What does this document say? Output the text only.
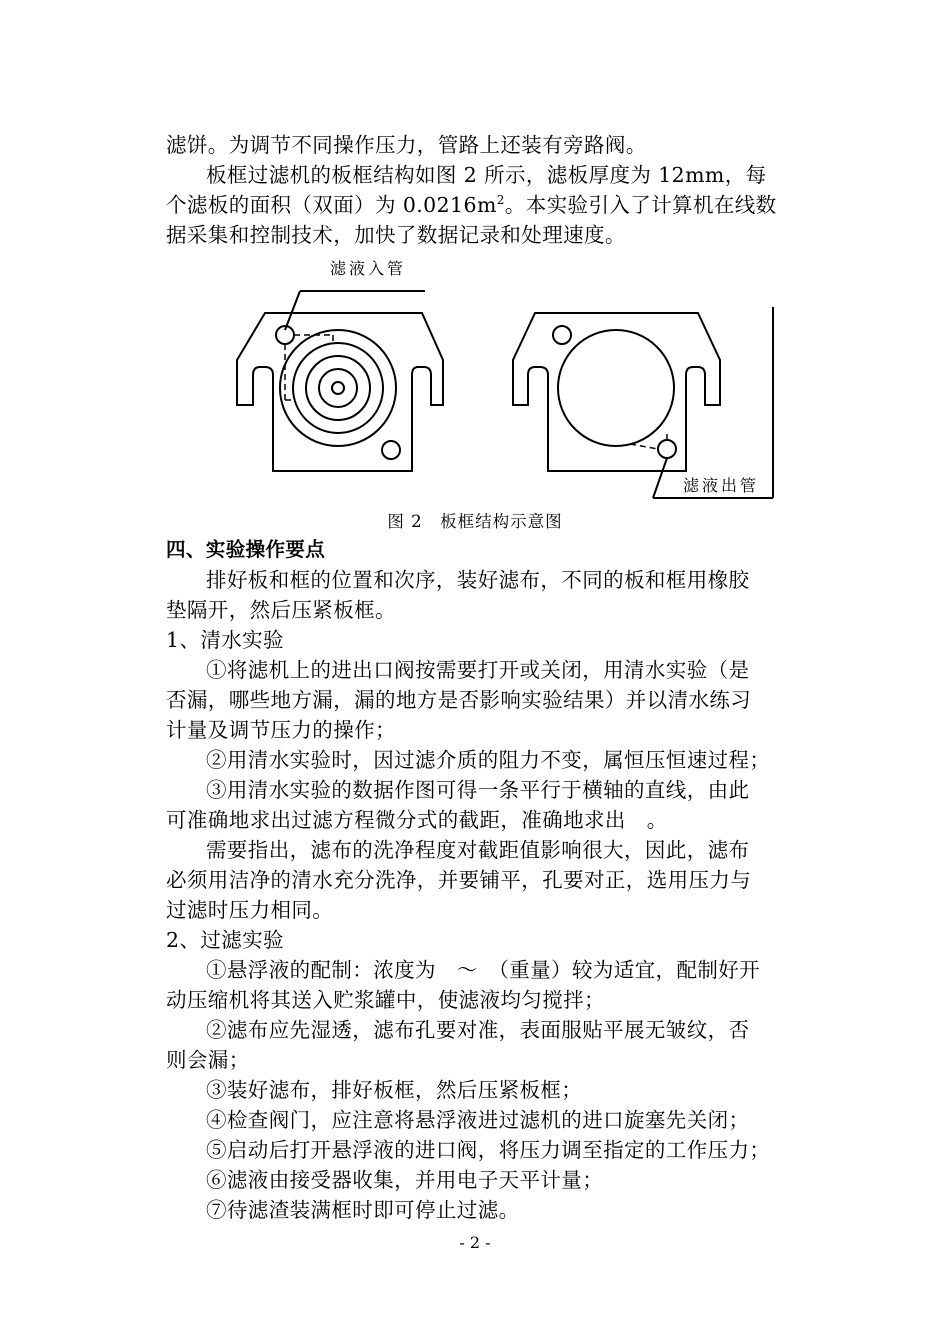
滤饼。为调节不同操作压力，管路上还装有旁路阀。
板框过滤机的板框结构如图 2 所示，滤板厚度为 12mm，每
个滤板的面积（双面）为 $0.0216m^2$。本实验引入了计算机在线数
据采集和控制技术，加快了数据记录和处理速度。
滤液入管
滤液出管
图 2　板框结构示意图
四、实验操作要点
排好板和框的位置和次序，装好滤布，不同的板和框用橡胶
垫隔开，然后压紧板框。
1、清水实验
①将滤机上的进出口阀按需要打开或关闭，用清水实验（是
否漏，哪些地方漏，漏的地方是否影响实验结果）并以清水练习
计量及调节压力的操作；
②用清水实验时，因过滤介质的阻力不变，属恒压恒速过程；
③用清水实验的数据作图可得一条平行于横轴的直线，由此
可准确地求出过滤方程微分式的截距，准确地求出　。
需要指出，滤布的洗净程度对截距值影响很大，因此，滤布
必须用洁净的清水充分洗净，并要铺平，孔要对正，选用压力与
过滤时压力相同。
2、过滤实验
①悬浮液的配制：浓度为　～　（重量）较为适宜，配制好开
动压缩机将其送入贮浆罐中，使滤液均匀搅拌；
②滤布应先湿透，滤布孔要对准，表面服贴平展无皱纹，否
则会漏；
③装好滤布，排好板框，然后压紧板框；
④检查阀门，应注意将悬浮液进过滤机的进口旋塞先关闭；
⑤启动后打开悬浮液的进口阀，将压力调至指定的工作压力；
⑥滤液由接受器收集，并用电子天平计量；
⑦待滤渣装满框时即可停止过滤。
- 2 -
